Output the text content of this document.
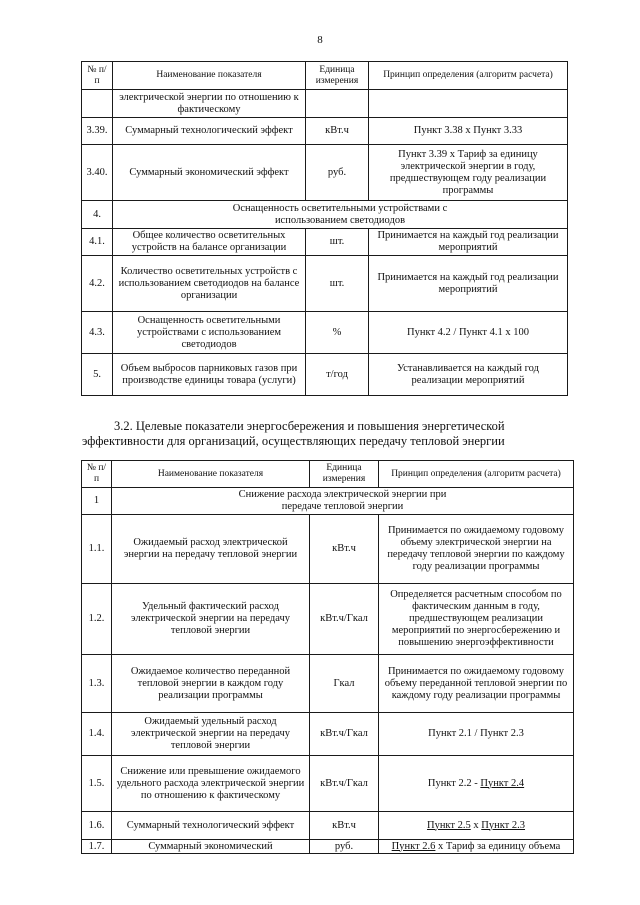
8
№ п/п	Наименование показателя	Единица измерения	Принцип определения (алгоритм расчета)
	электрической энергии по отношению к фактическому		
3.39.	Суммарный технологический эффект	кВт.ч	Пункт 3.38 х Пункт 3.33
3.40.	Суммарный экономический эффект	руб.	Пункт 3.39 х Тариф за единицу электрической энергии в году, предшествующем году реализации программы
4.	Оснащенность осветительными устройствами с использованием светодиодов		
4.1.	Общее количество осветительных устройств на балансе организации	шт.	Принимается на каждый год реализации мероприятий
4.2.	Количество осветительных устройств с использованием светодиодов на балансе организации	шт.	Принимается на каждый год реализации мероприятий
4.3.	Оснащенность осветительными устройствами с использованием светодиодов	%	Пункт 4.2 / Пункт 4.1 х 100
5.	Объем выбросов парниковых газов при производстве единицы товара (услуги)	т/год	Устанавливается на каждый год реализации мероприятий

3.2. Целевые показатели энергосбережения и повышения энергетической

эффективности для организаций, осуществляющих передачу тепловой энергии

№ п/п	Наименование показателя	Единица измерения	Принцип определения (алгоритм расчета)
1	Снижение расхода электрической энергии при передаче тепловой энергии		
1.1.	Ожидаемый расход электрической энергии на передачу тепловой энергии	кВт.ч	Принимается по ожидаемому годовому объему электрической энергии на передачу тепловой энергии по каждому году реализации программы
1.2.	Удельный фактический расход электрической энергии на передачу тепловой энергии	кВт.ч/Гкал	Определяется расчетным способом по фактическим данным в году, предшествующем реализации мероприятий по энергосбережению и повышению энергоэффективности
1.3.	Ожидаемое количество переданной тепловой энергии в каждом году реализации программы	Гкал	Принимается по ожидаемому годовому объему переданной тепловой энергии по каждому году реализации программы
1.4.	Ожидаемый удельный расход электрической энергии на передачу тепловой энергии	кВт.ч/Гкал	Пункт 2.1 / Пункт 2.3
1.5.	Снижение или превышение ожидаемого удельного расхода электрической энергии по отношению к фактическому	кВт.ч/Гкал	Пункт 2.2 - Пункт 2.4
1.6.	Суммарный технологический эффект	кВт.ч	Пункт 2.5 х Пункт 2.3
1.7.	Суммарный экономический	руб.	Пункт 2.6 х Тариф за единицу объема
